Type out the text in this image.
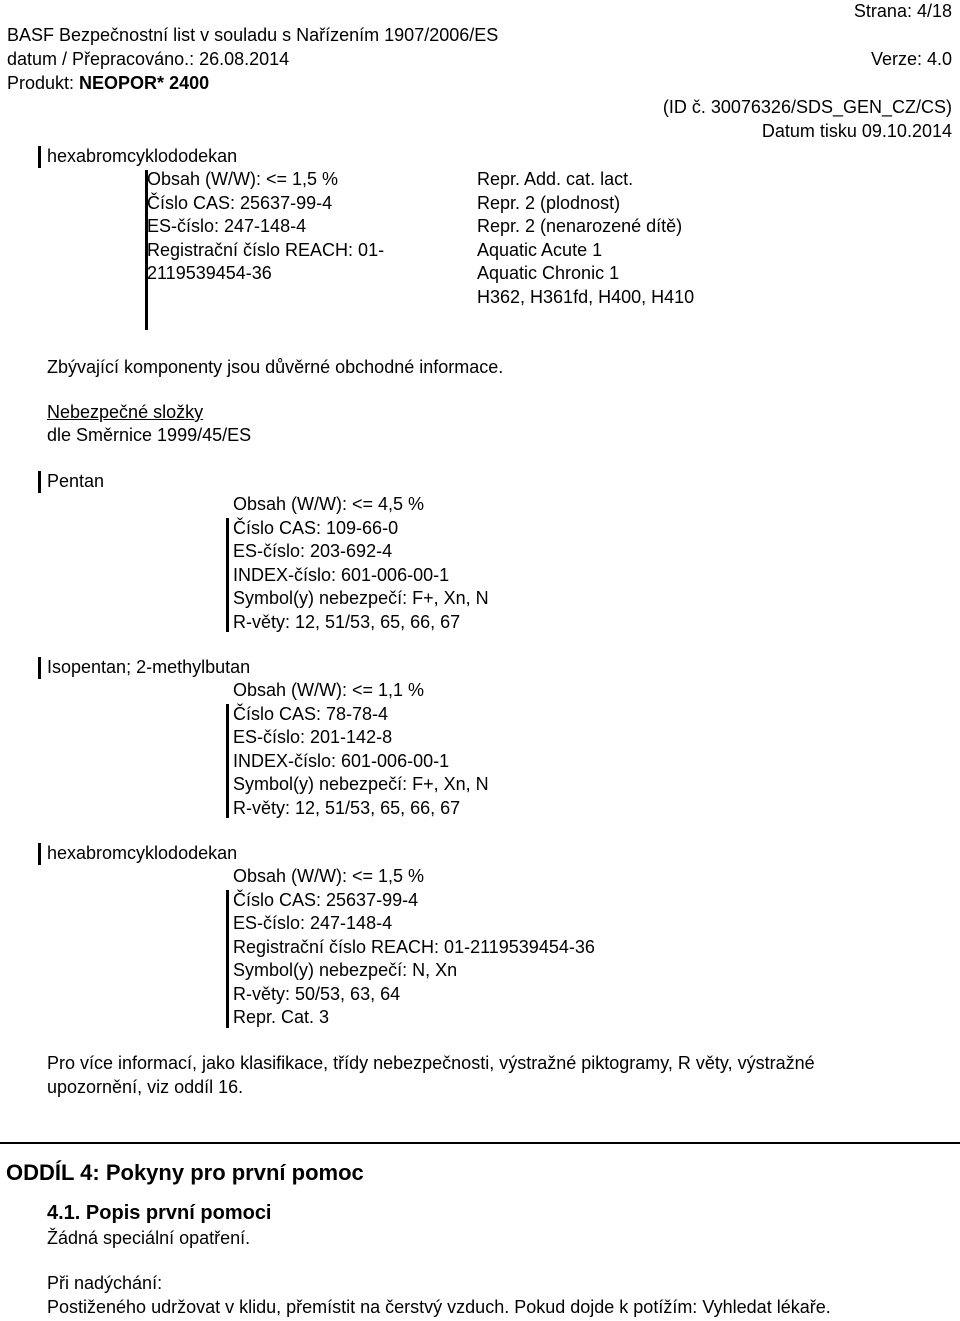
Strana: 4/18
BASF Bezpečnostní list v souladu s Nařízením 1907/2006/ES
datum / Přepracováno.: 26.08.2014	Verze: 4.0
Produkt: NEOPOR* 2400
(ID č. 30076326/SDS_GEN_CZ/CS)
Datum tisku 09.10.2014
hexabromcyklododekan
Obsah (W/W): <= 1,5 %
Číslo CAS: 25637-99-4
ES-číslo: 247-148-4
Registrační číslo REACH: 01-
2119539454-36
Repr. Add. cat. lact.
Repr. 2 (plodnost)
Repr. 2 (nenarozené dítě)
Aquatic Acute 1
Aquatic Chronic 1
H362, H361fd, H400, H410
Zbývající komponenty jsou důvěrné obchodné informace.
Nebezpečné složky
dle Směrnice 1999/45/ES
Pentan
Obsah (W/W): <= 4,5 %
Číslo CAS: 109-66-0
ES-číslo: 203-692-4
INDEX-číslo: 601-006-00-1
Symbol(y) nebezpečí: F+, Xn, N
R-věty: 12, 51/53, 65, 66, 67
Isopentan; 2-methylbutan
Obsah (W/W): <= 1,1 %
Číslo CAS: 78-78-4
ES-číslo: 201-142-8
INDEX-číslo: 601-006-00-1
Symbol(y) nebezpečí: F+, Xn, N
R-věty: 12, 51/53, 65, 66, 67
hexabromcyklododekan
Obsah (W/W): <= 1,5 %
Číslo CAS: 25637-99-4
ES-číslo: 247-148-4
Registrační číslo REACH: 01-2119539454-36
Symbol(y) nebezpečí: N, Xn
R-věty: 50/53, 63, 64
Repr. Cat. 3
Pro více informací, jako klasifikace, třídy nebezpečnosti, výstražné piktogramy, R věty, výstražné
upozornění, viz oddíl 16.
ODDÍL 4: Pokyny pro první pomoc
4.1. Popis první pomoci
Žádná speciální opatření.
Při nadýchání:
Postiženého udržovat v klidu, přemístit na čerstvý vzduch. Pokud dojde k potížím: Vyhledat lékaře.
